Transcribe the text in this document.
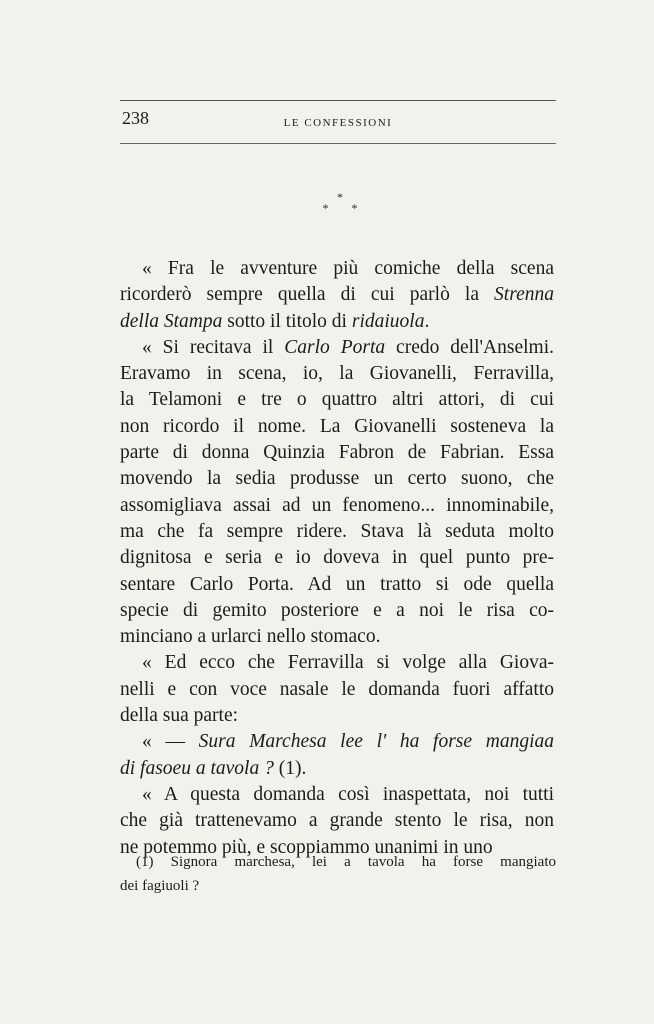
238	LE CONFESSIONI
*
* *
« Fra le avventure più comiche della scena
ricorderò sempre quella di cui parlò la Strenna
della Stampa sotto il titolo di ridaiuola.
« Si recitava il Carlo Porta credo dell'Anselmi.
Eravamo in scena, io, la Giovanelli, Ferravilla,
la Telamoni e tre o quattro altri attori, di cui
non ricordo il nome. La Giovanelli sosteneva la
parte di donna Quinzia Fabron de Fabrian. Essa
movendo la sedia produsse un certo suono, che
assomigliava assai ad un fenomeno... innominabile,
ma che fa sempre ridere. Stava là seduta molto
dignitosa e seria e io doveva in quel punto pre-
sentare Carlo Porta. Ad un tratto si ode quella
specie di gemito posteriore e a noi le risa co-
minciano a urlarci nello stomaco.
« Ed ecco che Ferravilla si volge alla Giova-
nelli e con voce nasale le domanda fuori affatto
della sua parte:
« — Sura Marchesa lee l' ha forse mangiaa
di fasoeu a tavola ? (1).
« A questa domanda così inaspettata, noi tutti
che già trattenevamo a grande stento le risa, non
ne potemmo più, e scoppiammo unanimi in uno
(1) Signora marchesa, lei a tavola ha forse mangiato
dei fagiuoli ?
